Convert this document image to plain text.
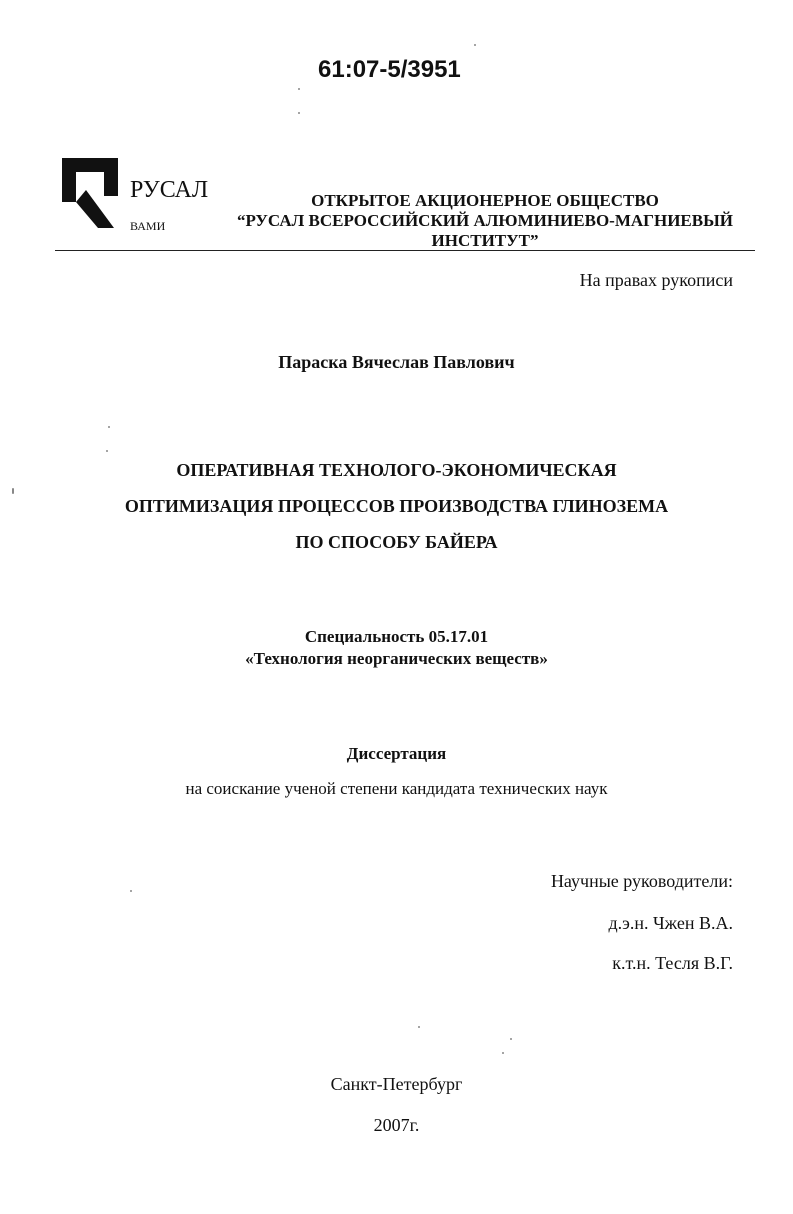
61:07-5/3951
РУСАЛ
ВАМИ
ОТКРЫТОЕ АКЦИОНЕРНОЕ ОБЩЕСТВО
“РУСАЛ ВСЕРОССИЙСКИЙ АЛЮМИНИЕВО-МАГНИЕВЫЙ
ИНСТИТУТ”
На правах рукописи
Параска Вячеслав Павлович
ОПЕРАТИВНАЯ ТЕХНОЛОГО-ЭКОНОМИЧЕСКАЯ
ОПТИМИЗАЦИЯ ПРОЦЕССОВ ПРОИЗВОДСТВА ГЛИНОЗЕМА
ПО СПОСОБУ БАЙЕРА
Специальность 05.17.01
«Технология неорганических веществ»
Диссертация
на соискание ученой степени кандидата технических наук
Научные руководители:
д.э.н. Чжен В.А.
к.т.н. Тесля В.Г.
Санкт-Петербург
2007г.
